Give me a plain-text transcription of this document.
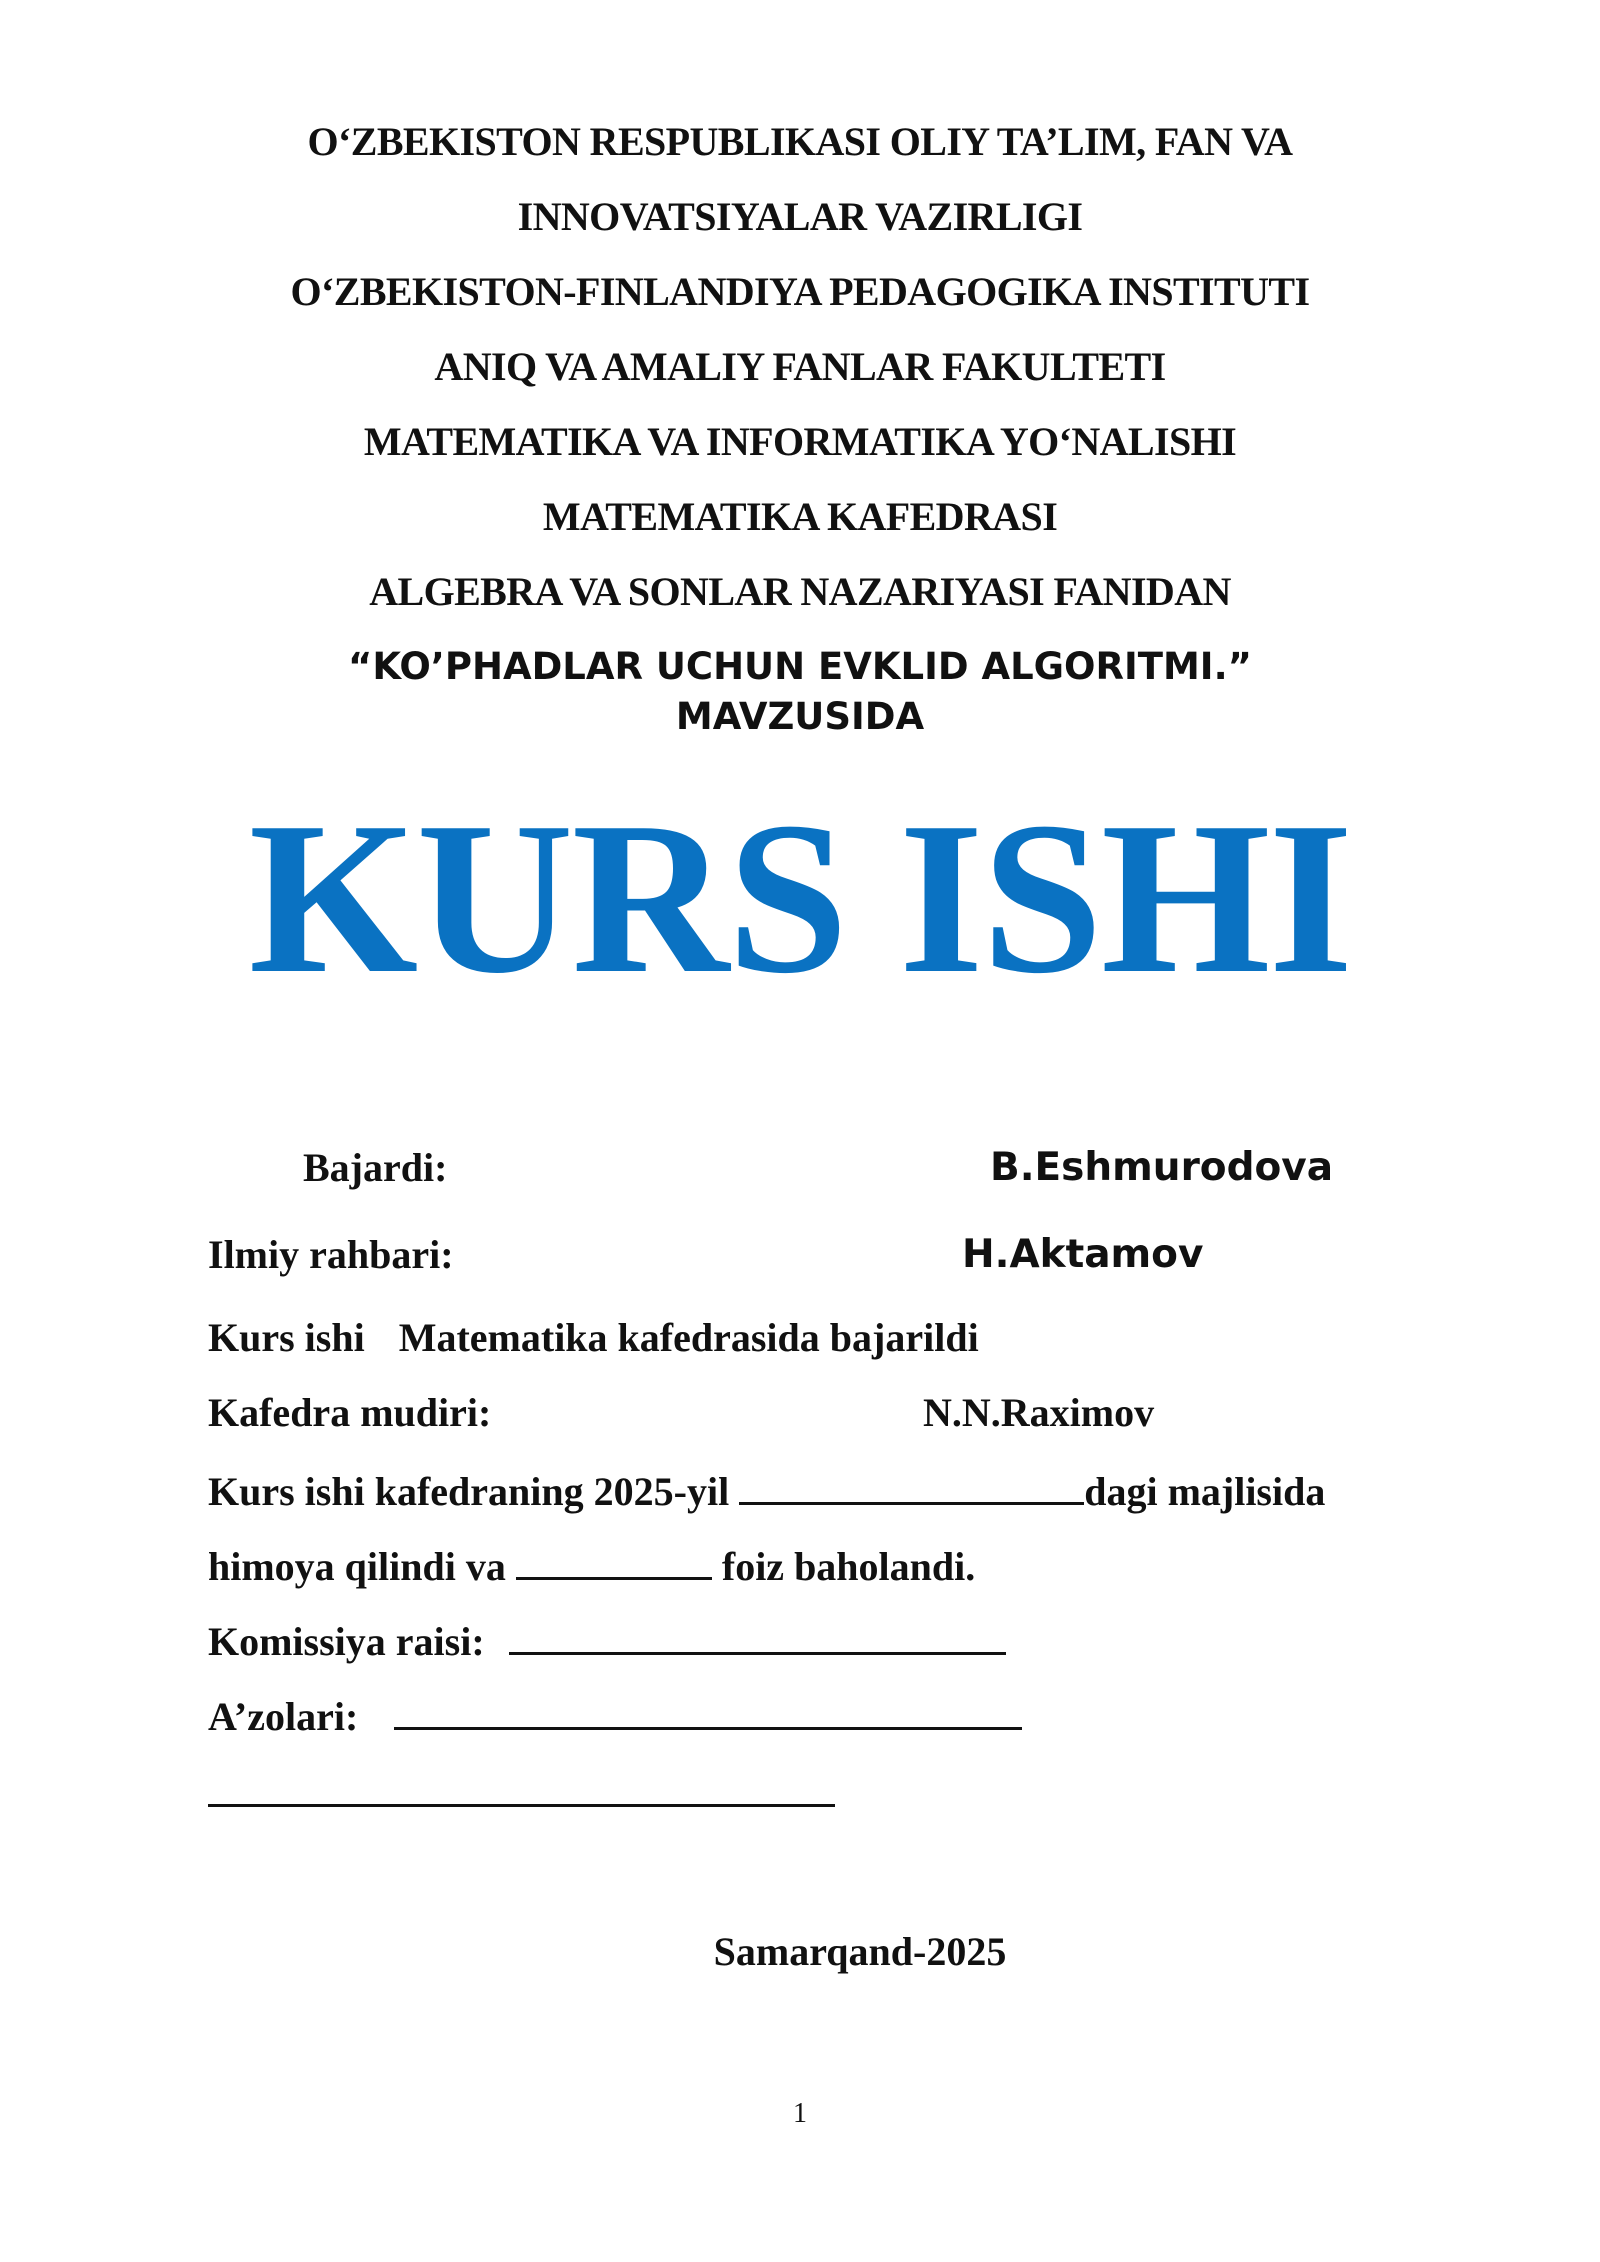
O‘ZBEKISTON RESPUBLIKASI OLIY TA’LIM, FAN VA
INNOVATSIYALAR VAZIRLIGI
O‘ZBEKISTON-FINLANDIYA PEDAGOGIKA INSTITUTI
ANIQ VA AMALIY FANLAR FAKULTETI
MATEMATIKA VA INFORMATIKA YO‘NALISHI
MATEMATIKA KAFEDRASI
ALGEBRA VA SONLAR NAZARIYASI FANIDAN
“KO’PHADLAR UCHUN EVKLID ALGORITMI.”
MAVZUSIDA
KURS ISHI
Bajardi:	B.Eshmurodova
Ilmiy rahbari:	H.Aktamov
Kurs ishi Matematika kafedrasida bajarildi
Kafedra mudiri:	N.N.Raximov
Kurs ishi kafedraning 2025-yil	dagi majlisida
himoya qilindi va	foiz baholandi.
Komissiya raisi:
A’zolari:
Samarqand-2025
1
